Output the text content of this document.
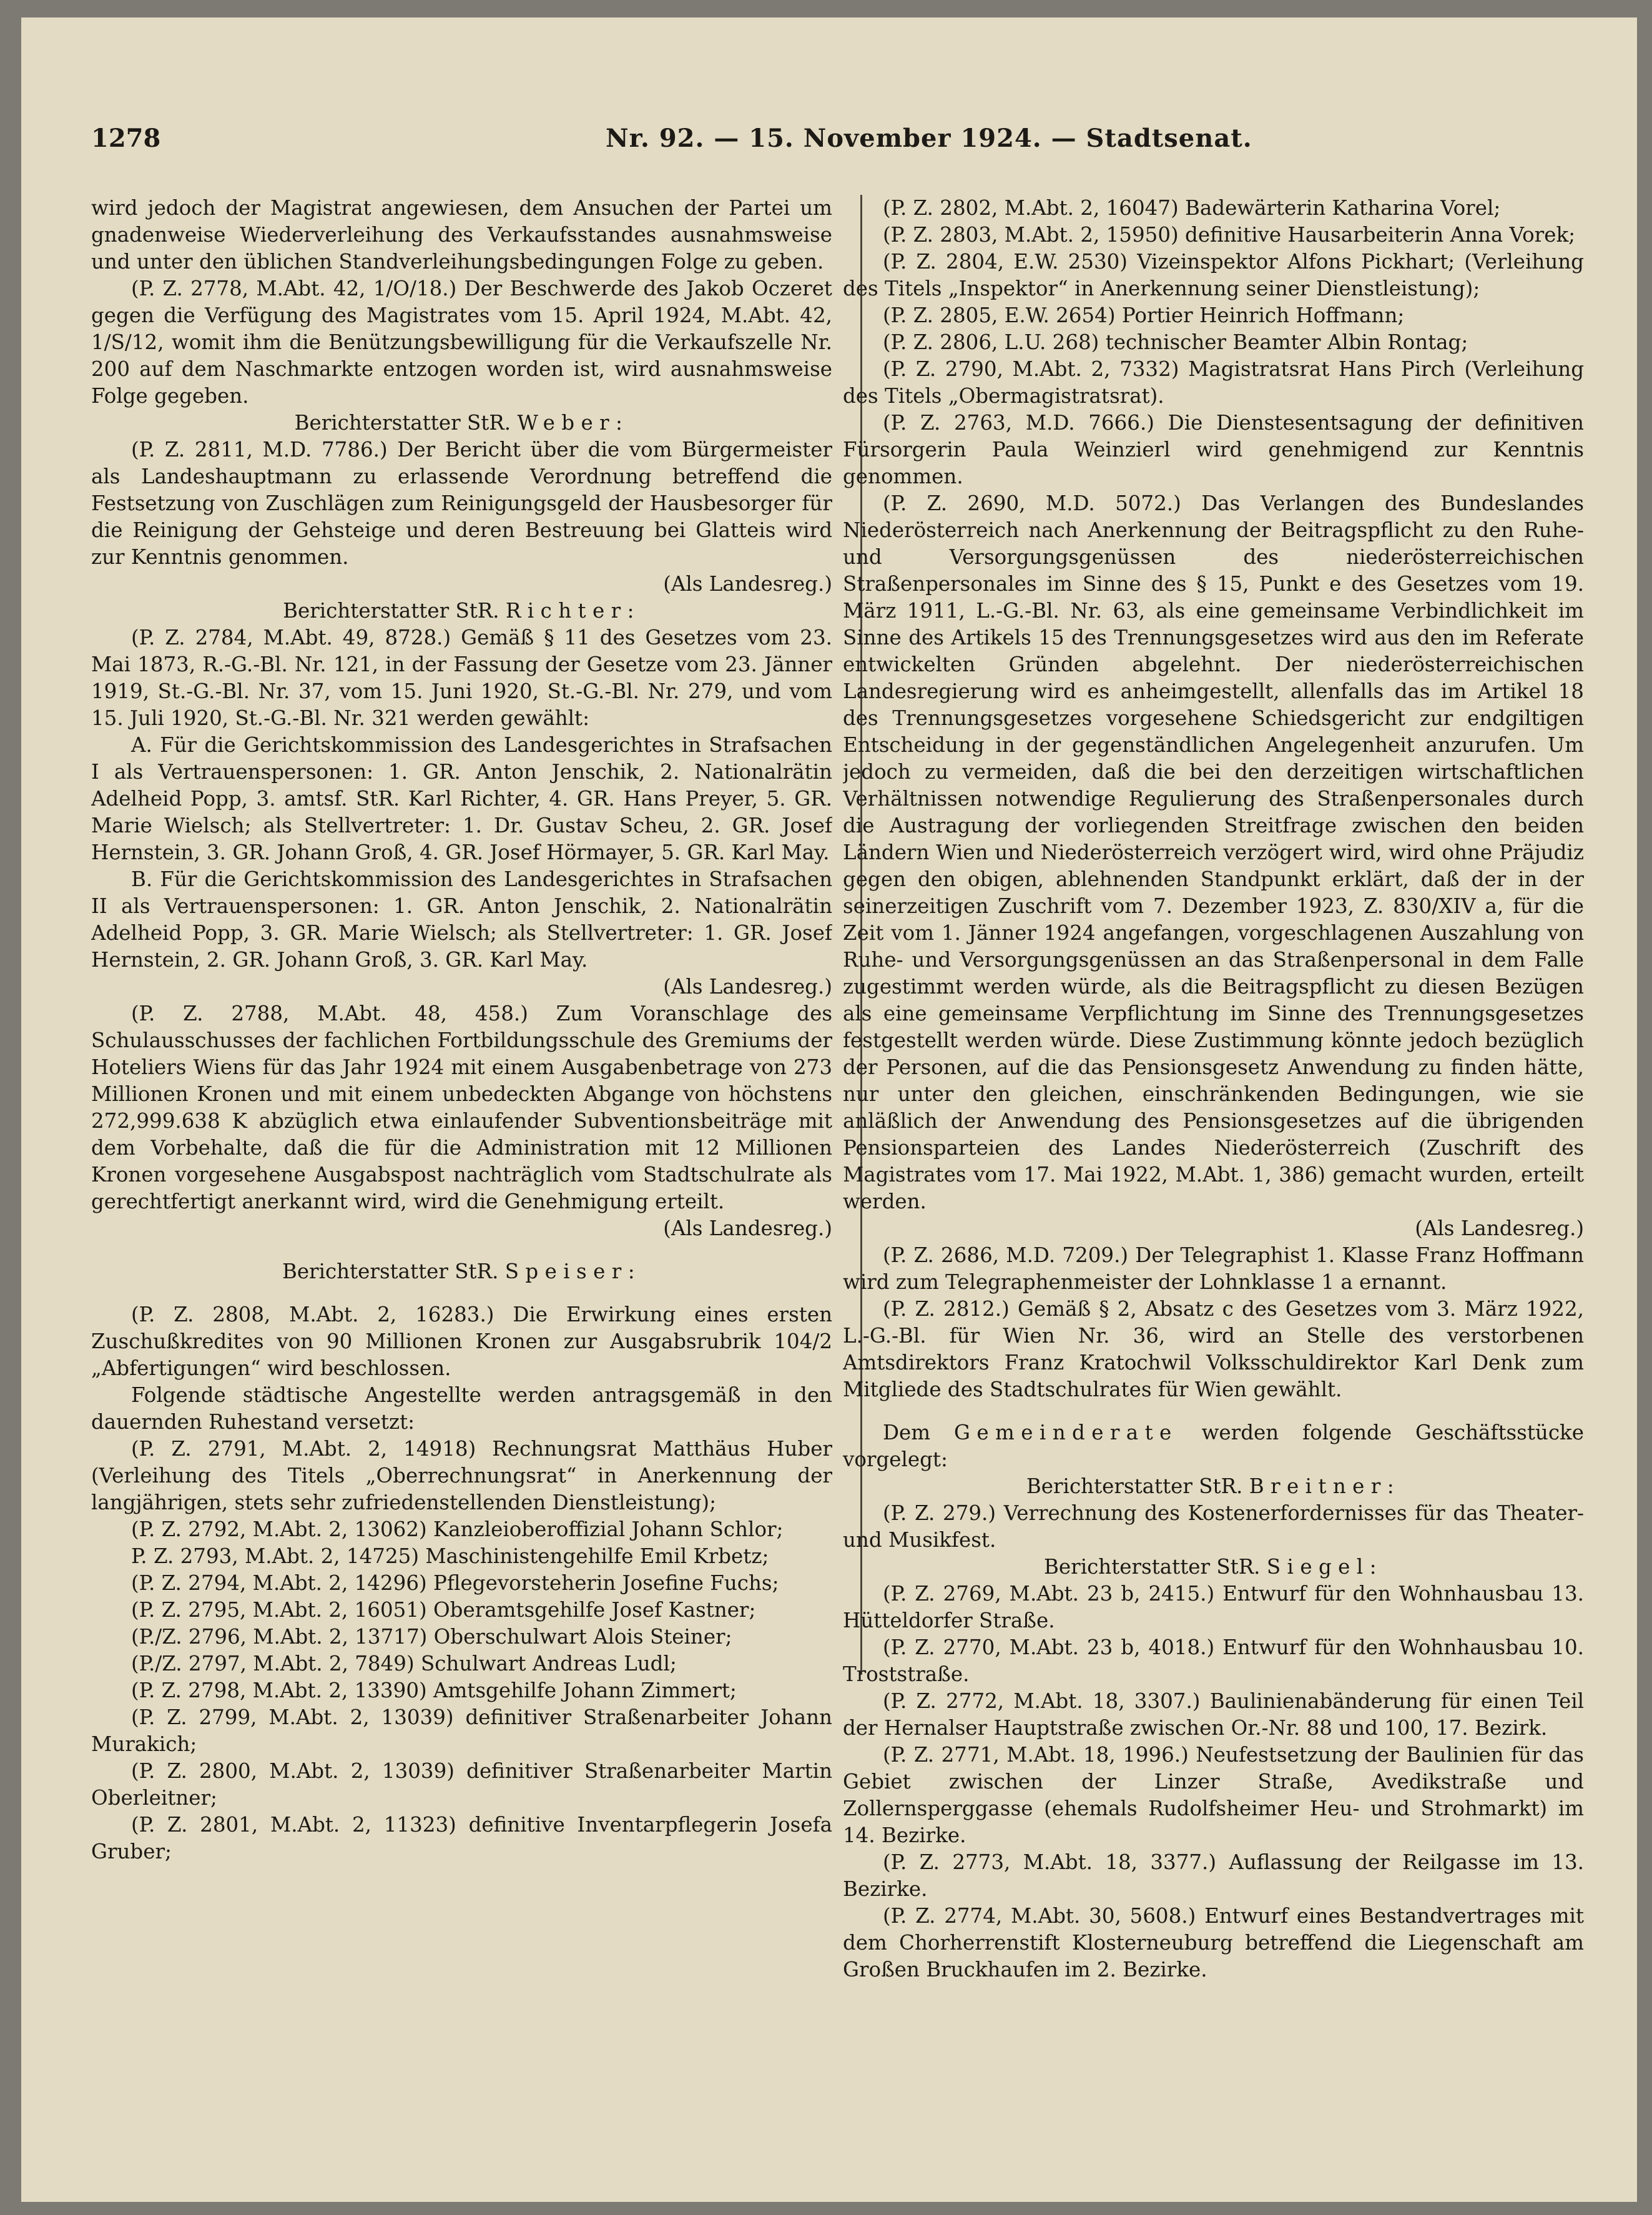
1278	Nr. 92. — 15. November 1924. — Stadtsenat.

wird jedoch der Magistrat angewiesen, dem Ansuchen der Partei um gnadenweise Wiederverleihung des Verkaufsstandes ausnahmsweise und unter den üblichen Standverleihungsbedingungen Folge zu geben.

(P. Z. 2778, M.Abt. 42, 1/O/18.) Der Beschwerde des Jakob Oczeret gegen die Verfügung des Magistrates vom 15. April 1924, M.Abt. 42, 1/S/12, womit ihm die Benützungsbewilligung für die Verkaufszelle Nr. 200 auf dem Naschmarkte entzogen worden ist, wird ausnahmsweise Folge gegeben.

Berichterstatter StR. Weber:

(P. Z. 2811, M.D. 7786.) Der Bericht über die vom Bürgermeister als Landeshauptmann zu erlassende Verordnung betreffend die Festsetzung von Zuschlägen zum Reinigungsgeld der Hausbesorger für die Reinigung der Gehsteige und deren Bestreuung bei Glatteis wird zur Kenntnis genommen.

(Als Landesreg.)

Berichterstatter StR. Richter:

(P. Z. 2784, M.Abt. 49, 8728.) Gemäß § 11 des Gesetzes vom 23. Mai 1873, R.-G.-Bl. Nr. 121, in der Fassung der Gesetze vom 23. Jänner 1919, St.-G.-Bl. Nr. 37, vom 15. Juni 1920, St.-G.-Bl. Nr. 279, und vom 15. Juli 1920, St.-G.-Bl. Nr. 321 werden gewählt:

A. Für die Gerichtskommission des Landesgerichtes in Strafsachen I als Vertrauenspersonen: 1. GR. Anton Jenschik, 2. Nationalrätin Adelheid Popp, 3. amtsf. StR. Karl Richter, 4. GR. Hans Preyer, 5. GR. Marie Wielsch; als Stellvertreter: 1. Dr. Gustav Scheu, 2. GR. Josef Hernstein, 3. GR. Johann Groß, 4. GR. Josef Hörmayer, 5. GR. Karl May.

B. Für die Gerichtskommission des Landesgerichtes in Strafsachen II als Vertrauenspersonen: 1. GR. Anton Jenschik, 2. Nationalrätin Adelheid Popp, 3. GR. Marie Wielsch; als Stellvertreter: 1. GR. Josef Hernstein, 2. GR. Johann Groß, 3. GR. Karl May.

(Als Landesreg.)

(P. Z. 2788, M.Abt. 48, 458.) Zum Voranschlage des Schulausschusses der fachlichen Fortbildungsschule des Gremiums der Hoteliers Wiens für das Jahr 1924 mit einem Ausgabenbetrage von 273 Millionen Kronen und mit einem unbedeckten Abgange von höchstens 272,999.638 K abzüglich etwa einlaufender Subventionsbeiträge mit dem Vorbehalte, daß die für die Administration mit 12 Millionen Kronen vorgesehene Ausgabspost nachträglich vom Stadtschulrate als gerechtfertigt anerkannt wird, wird die Genehmigung erteilt.

(Als Landesreg.)

Berichterstatter StR. Speiser:

(P. Z. 2808, M.Abt. 2, 16283.) Die Erwirkung eines ersten Zuschußkredites von 90 Millionen Kronen zur Ausgabsrubrik 104/2 „Abfertigungen“ wird beschlossen.

Folgende städtische Angestellte werden antragsgemäß in den dauernden Ruhestand versetzt:

(P. Z. 2791, M.Abt. 2, 14918) Rechnungsrat Matthäus Huber (Verleihung des Titels „Oberrechnungsrat“ in Anerkennung der langjährigen, stets sehr zufriedenstellenden Dienstleistung);

(P. Z. 2792, M.Abt. 2, 13062) Kanzleioberoffizial Johann Schlor;

P. Z. 2793, M.Abt. 2, 14725) Maschinistengehilfe Emil Krbetz;

(P. Z. 2794, M.Abt. 2, 14296) Pflegevorsteherin Josefine Fuchs;

(P. Z. 2795, M.Abt. 2, 16051) Oberamtsgehilfe Josef Kastner;

(P./Z. 2796, M.Abt. 2, 13717) Oberschulwart Alois Steiner;

(P./Z. 2797, M.Abt. 2, 7849) Schulwart Andreas Ludl;

(P. Z. 2798, M.Abt. 2, 13390) Amtsgehilfe Johann Zimmert;

(P. Z. 2799, M.Abt. 2, 13039) definitiver Straßenarbeiter Johann Murakich;

(P. Z. 2800, M.Abt. 2, 13039) definitiver Straßenarbeiter Martin Oberleitner;

(P. Z. 2801, M.Abt. 2, 11323) definitive Inventarpflegerin Josefa Gruber;

(P. Z. 2802, M.Abt. 2, 16047) Badewärterin Katharina Vorel;

(P. Z. 2803, M.Abt. 2, 15950) definitive Hausarbeiterin Anna Vorek;

(P. Z. 2804, E.W. 2530) Vizeinspektor Alfons Pickhart; (Verleihung des Titels „Inspektor“ in Anerkennung seiner Dienstleistung);

(P. Z. 2805, E.W. 2654) Portier Heinrich Hoffmann;

(P. Z. 2806, L.U. 268) technischer Beamter Albin Rontag;

(P. Z. 2790, M.Abt. 2, 7332) Magistratsrat Hans Pirch (Verleihung des Titels „Obermagistratsrat).

(P. Z. 2763, M.D. 7666.) Die Dienstesentsagung der definitiven Fürsorgerin Paula Weinzierl wird genehmigend zur Kenntnis genommen.

(P. Z. 2690, M.D. 5072.) Das Verlangen des Bundeslandes Niederösterreich nach Anerkennung der Beitragspflicht zu den Ruhe- und Versorgungsgenüssen des niederösterreichischen Straßenpersonales im Sinne des § 15, Punkt e des Gesetzes vom 19. März 1911, L.-G.-Bl. Nr. 63, als eine gemeinsame Verbindlichkeit im Sinne des Artikels 15 des Trennungsgesetzes wird aus den im Referate entwickelten Gründen abgelehnt. Der niederösterreichischen Landesregierung wird es anheimgestellt, allenfalls das im Artikel 18 des Trennungsgesetzes vorgesehene Schiedsgericht zur endgiltigen Entscheidung in der gegenständlichen Angelegenheit anzurufen. Um jedoch zu vermeiden, daß die bei den derzeitigen wirtschaftlichen Verhältnissen notwendige Regulierung des Straßenpersonales durch die Austragung der vorliegenden Streitfrage zwischen den beiden Ländern Wien und Niederösterreich verzögert wird, wird ohne Präjudiz gegen den obigen, ablehnenden Standpunkt erklärt, daß der in der seinerzeitigen Zuschrift vom 7. Dezember 1923, Z. 830/XIV a, für die Zeit vom 1. Jänner 1924 angefangen, vorgeschlagenen Auszahlung von Ruhe- und Versorgungsgenüssen an das Straßenpersonal in dem Falle zugestimmt werden würde, als die Beitragspflicht zu diesen Bezügen als eine gemeinsame Verpflichtung im Sinne des Trennungsgesetzes festgestellt werden würde. Diese Zustimmung könnte jedoch bezüglich der Personen, auf die das Pensionsgesetz Anwendung zu finden hätte, nur unter den gleichen, einschränkenden Bedingungen, wie sie anläßlich der Anwendung des Pensionsgesetzes auf die übrigenden Pensionsparteien des Landes Niederösterreich (Zuschrift des Magistrates vom 17. Mai 1922, M.Abt. 1, 386) gemacht wurden, erteilt werden.

(Als Landesreg.)

(P. Z. 2686, M.D. 7209.) Der Telegraphist 1. Klasse Franz Hoffmann wird zum Telegraphenmeister der Lohnklasse 1 a ernannt.

(P. Z. 2812.) Gemäß § 2, Absatz c des Gesetzes vom 3. März 1922, L.-G.-Bl. für Wien Nr. 36, wird an Stelle des verstorbenen Amtsdirektors Franz Kratochwil Volksschuldirektor Karl Denk zum Mitgliede des Stadtschulrates für Wien gewählt.

Dem Gemeinderate werden folgende Geschäftsstücke vorgelegt:

Berichterstatter StR. Breitner:

(P. Z. 279.) Verrechnung des Kostenerfordernisses für das Theater- und Musikfest.

Berichterstatter StR. Siegel:

(P. Z. 2769, M.Abt. 23 b, 2415.) Entwurf für den Wohnhausbau 13. Hütteldorfer Straße.

(P. Z. 2770, M.Abt. 23 b, 4018.) Entwurf für den Wohnhausbau 10. Troststraße.

(P. Z. 2772, M.Abt. 18, 3307.) Baulinienabänderung für einen Teil der Hernalser Hauptstraße zwischen Or.-Nr. 88 und 100, 17. Bezirk.

(P. Z. 2771, M.Abt. 18, 1996.) Neufestsetzung der Baulinien für das Gebiet zwischen der Linzer Straße, Avedikstraße und Zollernsperggasse (ehemals Rudolfsheimer Heu- und Strohmarkt) im 14. Bezirke.

(P. Z. 2773, M.Abt. 18, 3377.) Auflassung der Reilgasse im 13. Bezirke.

(P. Z. 2774, M.Abt. 30, 5608.) Entwurf eines Bestandvertrages mit dem Chorherrenstift Klosterneuburg betreffend die Liegenschaft am Großen Bruckhaufen im 2. Bezirke.
